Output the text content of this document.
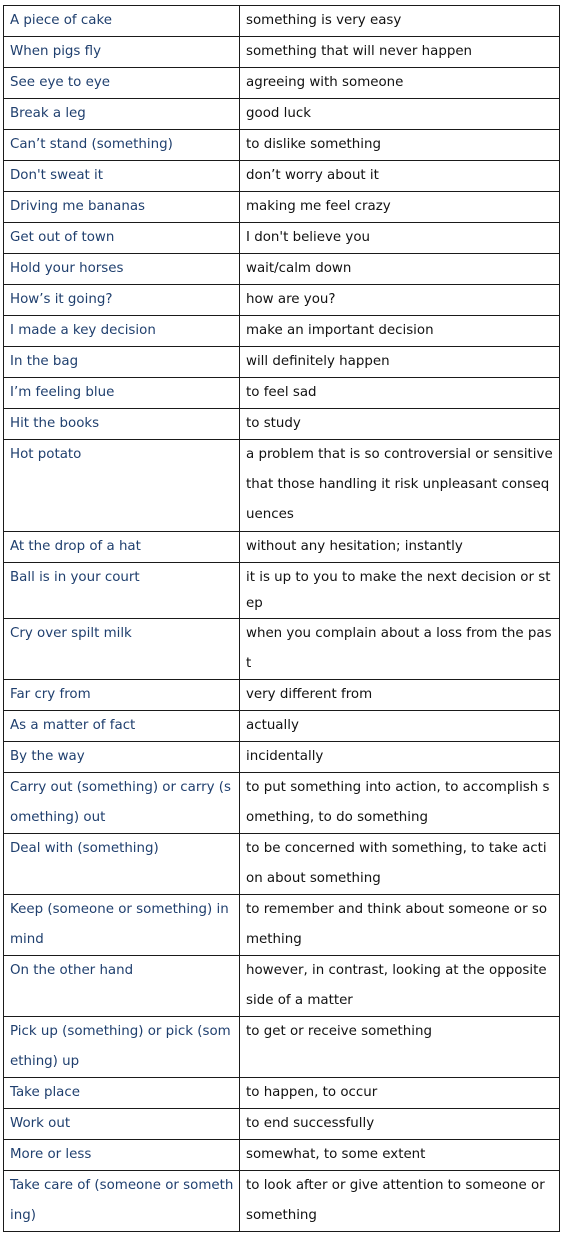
A piece of cake	something is very easy

When pigs fly	something that will never happen

See eye to eye	agreeing with someone

Break a leg	good luck

Can’t stand (something)	to dislike something

Don't sweat it	don’t worry about it

Driving me bananas	making me feel crazy

Get out of town	I don't believe you

Hold your horses	wait/calm down

How’s it going?	how are you?

I made a key decision	make an important decision

In the bag	will definitely happen

I’m feeling blue	to feel sad

Hit the books	to study

Hot potato	a problem that is so controversial or sensitive that those handling it risk unpleasant consequences

At the drop of a hat	without any hesitation; instantly

Ball is in your court	it is up to you to make the next decision or step

Cry over spilt milk	when you complain about a loss from the past

Far cry from	very different from

As a matter of fact	actually

By the way	incidentally

Carry out (something) or carry (something) out	to put something into action, to accomplish something, to do something

Deal with (something)	to be concerned with something, to take action about something

Keep (someone or something) in mind	to remember and think about someone or something

On the other hand	however, in contrast, looking at the opposite side of a matter

Pick up (something) or pick (something) up	to get or receive something

Take place	to happen, to occur

Work out	to end successfully

More or less	somewhat, to some extent

Take care of (someone or something)	to look after or give attention to someone or something
